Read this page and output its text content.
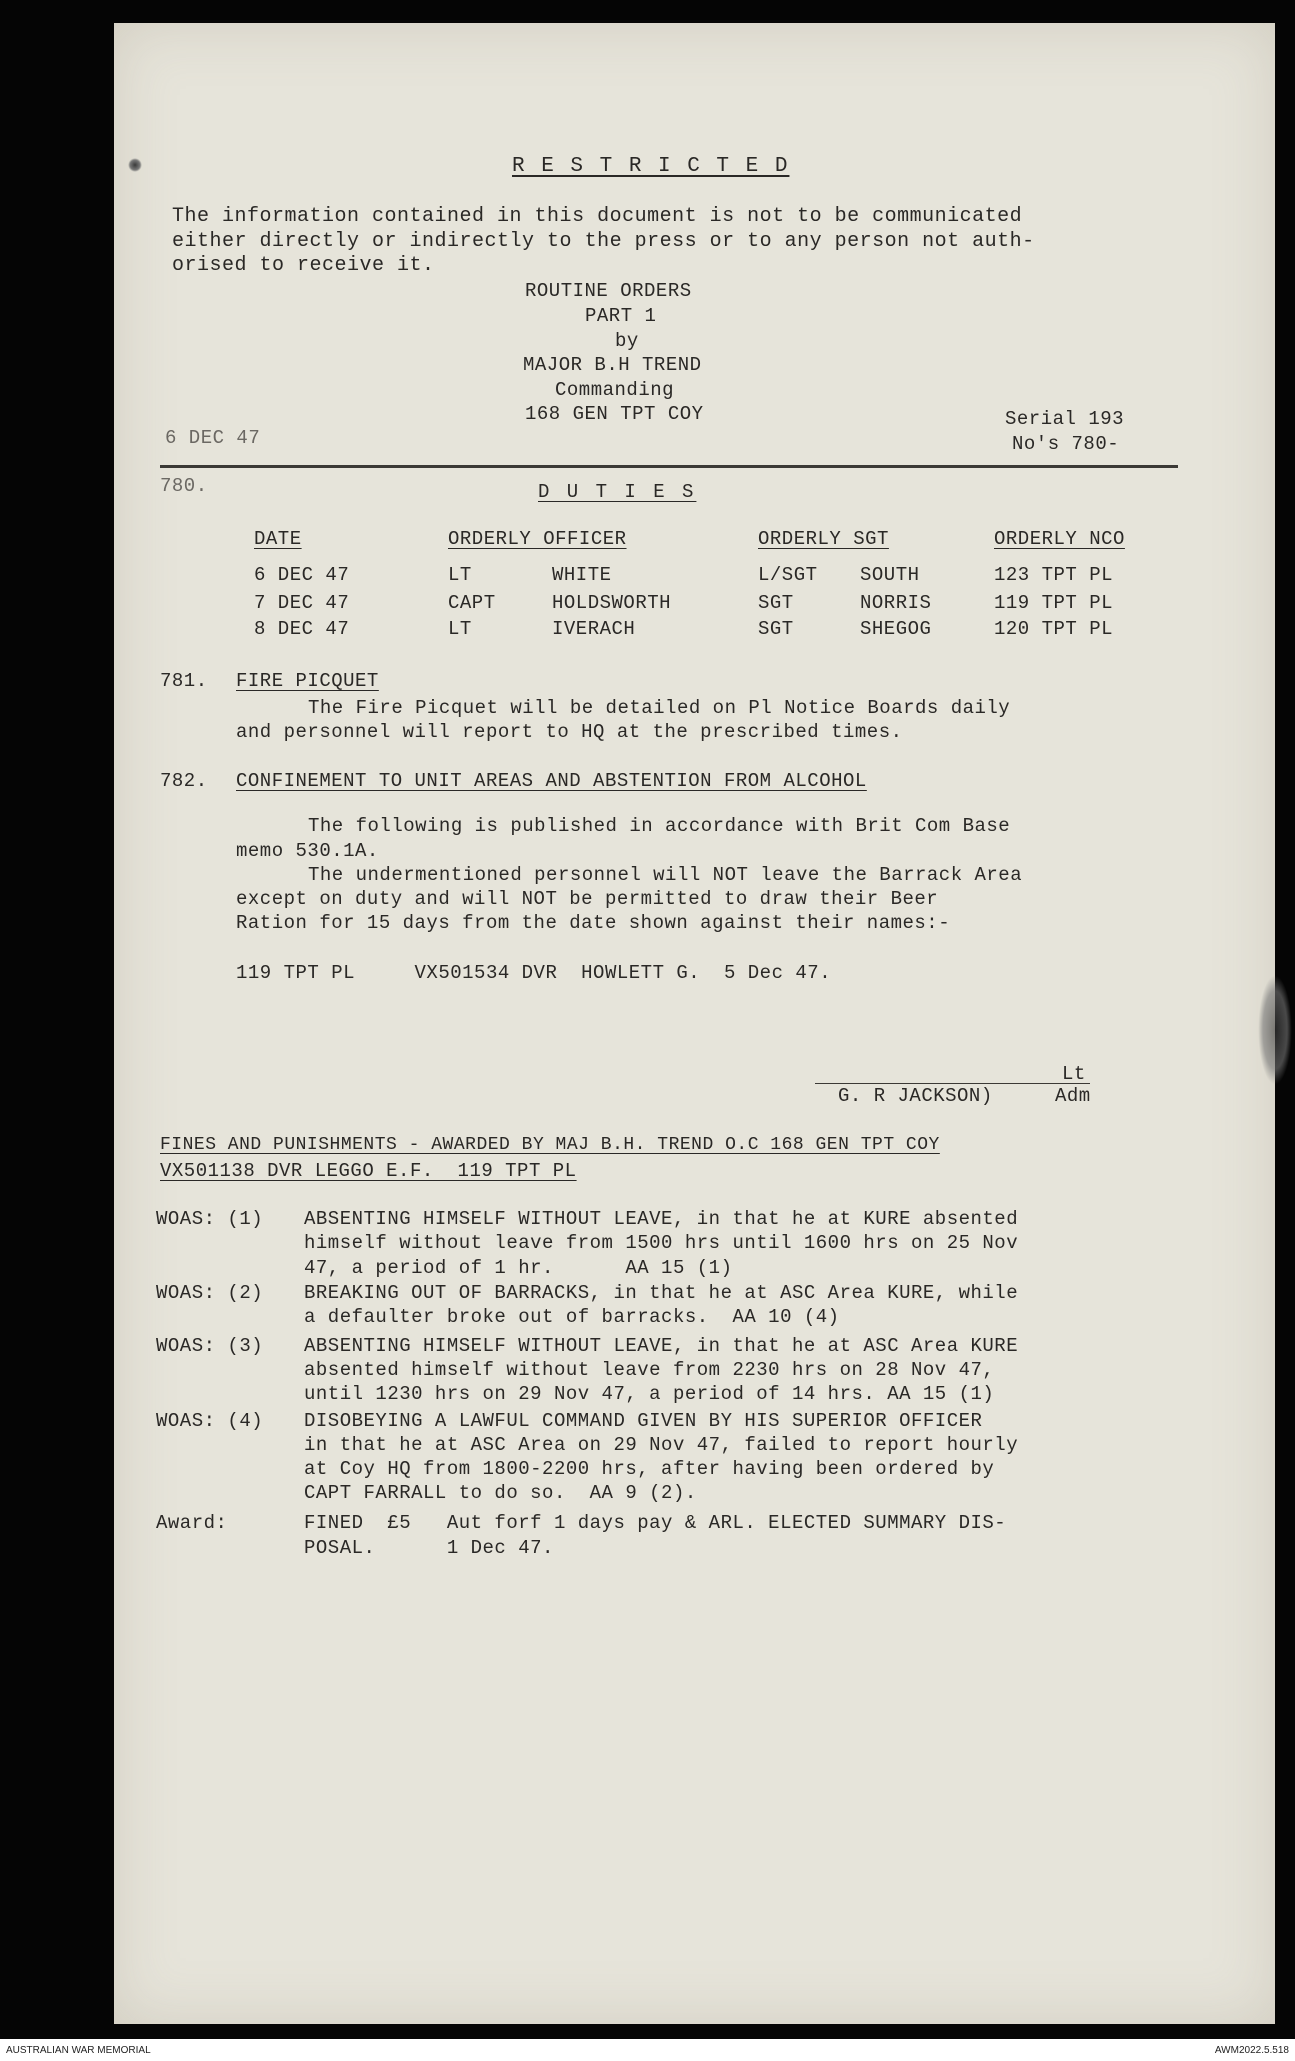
R E S T R I C T E D
The information contained in this document is not to be communicated
either directly or indirectly to the press or to any person not auth-
orised to receive it.
ROUTINE ORDERS
PART 1
by
MAJOR B.H TREND
Commanding
168 GEN TPT COY
6 DEC 47
Serial 193
No's 780-
780.	D U T I E S
DATE	ORDERLY OFFICER	ORDERLY SGT	ORDERLY NCO
6 DEC 47	LT	WHITE	L/SGT SOUTH	123 TPT PL
7 DEC 47	CAPT	HOLDSWORTH	SGT	NORRIS	119 TPT PL
8 DEC 47	LT	IVERACH	SGT	SHEGOG	120 TPT PL
781. FIRE PICQUET
The Fire Picquet will be detailed on Pl Notice Boards daily
and personnel will report to HQ at the prescribed times.
782. CONFINEMENT TO UNIT AREAS AND ABSTENTION FROM ALCOHOL
The following is published in accordance with Brit Com Base
memo 530.1A.
The undermentioned personnel will NOT leave the Barrack Area
except on duty and will NOT be permitted to draw their Beer
Ration for 15 days from the date shown against their names:-
119 TPT PL     VX501534 DVR  HOWLETT G.  5 Dec 47.
Lt
G. R JACKSON)	Adm
FINES AND PUNISHMENTS - AWARDED BY MAJ B.H. TREND O.C 168 GEN TPT COY
VX501138 DVR LEGGO E.F.  119 TPT PL
WOAS: (1) ABSENTING HIMSELF WITHOUT LEAVE, in that he at KURE absented
himself without leave from 1500 hrs until 1600 hrs on 25 Nov
47, a period of 1 hr.      AA 15 (1)
WOAS: (2) BREAKING OUT OF BARRACKS, in that he at ASC Area KURE, while
a defaulter broke out of barracks.  AA 10 (4)
WOAS: (3) ABSENTING HIMSELF WITHOUT LEAVE, in that he at ASC Area KURE
absented himself without leave from 2230 hrs on 28 Nov 47,
until 1230 hrs on 29 Nov 47, a period of 14 hrs. AA 15 (1)
WOAS: (4) DISOBEYING A LAWFUL COMMAND GIVEN BY HIS SUPERIOR OFFICER
in that he at ASC Area on 29 Nov 47, failed to report hourly
at Coy HQ from 1800-2200 hrs, after having been ordered by
CAPT FARRALL to do so.  AA 9 (2).
Award:	FINED  £5   Aut forf 1 days pay & ARL. ELECTED SUMMARY DIS-
POSAL.      1 Dec 47.
AUSTRALIAN WAR MEMORIAL	AWM2022.5.518
